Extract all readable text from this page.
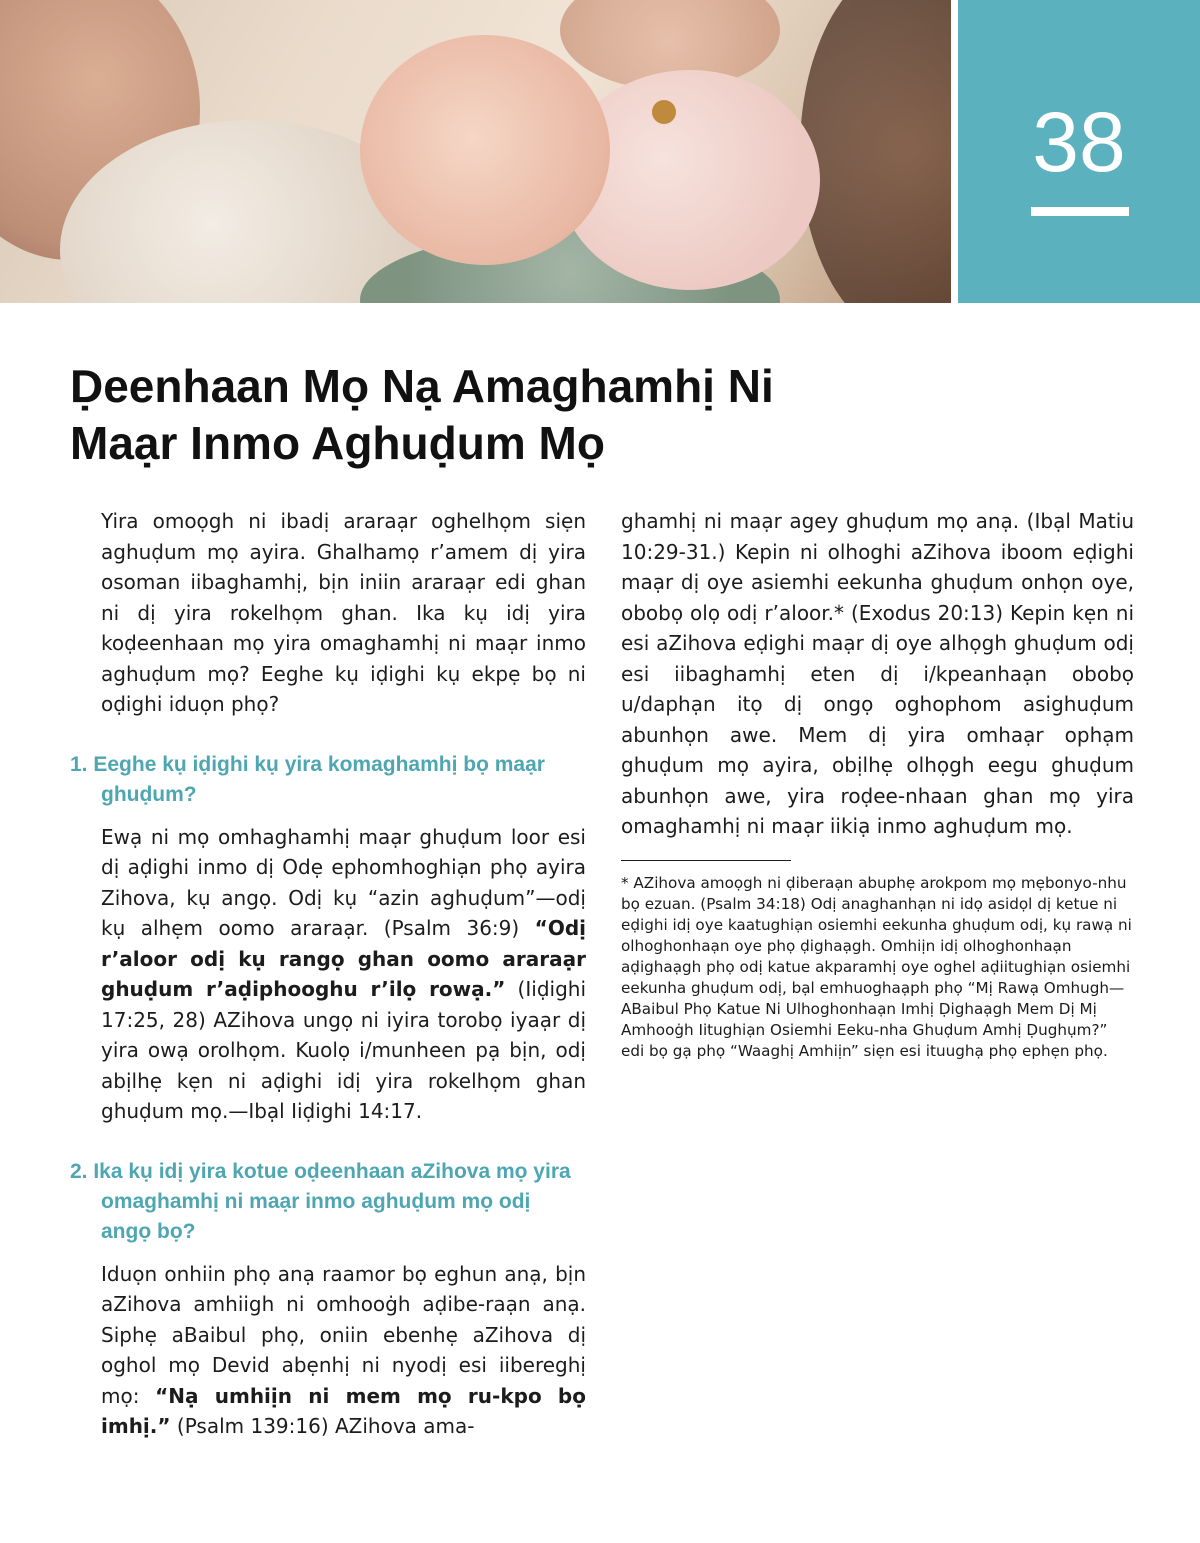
38
Ḍeenhaan Mọ Nạ Amaghamhị Ni
Maạr Inmo Aghuḍum Mọ

Yira omoọgh ni ibadị araraạr oghelhọm siẹn aghuḍum mọ ayira. Ghalhamọ r’amem dị yira osoman iibaghamhị, bịn iniin araraạr edi ghan ni dị yira rokelhọm ghan. Ika kụ idị yira koḍeenhaan mọ yira omaghamhị ni maạr inmo aghuḍum mọ? Eeghe kụ iḍighi kụ ekpẹ bọ ni oḍighi iduọn phọ?

1. Eeghe kụ iḍighi kụ yira komaghamhị bọ maạr ghuḍum?

Ewạ ni mọ omhaghamhị maạr ghuḍum loor esi dị aḍighi inmo dị Odẹ ephomhoghiạn phọ ayira Zihova, kụ angọ. Odị kụ “azin aghuḍum”—odị kụ alhẹm oomo araraạr. (Psalm 36:9) “Odị r’aloor odị kụ rangọ ghan oomo araraạr ghuḍum r’aḍiphooghu r’ilọ rowạ.” (Iiḍighi 17:25, 28) AZihova ungọ ni iyira torobọ iyaạr dị yira owạ orolhọm. Kuolọ i/munheen pạ bịn, odị abịlhẹ kẹn ni aḍighi idị yira rokelhọm ghan ghuḍum mọ.—Ibạl Iiḍighi 14:17.

2. Ika kụ idị yira kotue oḍeenhaan aZihova mọ yira omaghamhị ni maạr inmo aghuḍum mọ odị angọ bọ?

Iduọn onhiin phọ anạ raamor bọ eghun anạ, bịn aZihova amhiigh ni omhooġh aḍibe-raạn anạ. Siphẹ aBaibul phọ, oniin ebenhẹ aZihova dị oghol mọ Devid abẹnhị ni nyodị esi iibereghị mọ: “Nạ umhiịn ni mem mọ ru-kpo bọ imhị.” (Psalm 139:16) AZihova ama-

ghamhị ni maạr agey ghuḍum mọ anạ. (Ibạl Matiu 10:29-31.) Kepin ni olhoghi aZihova iboom eḍighi maạr dị oye asiemhi eekunha ghuḍum onhọn oye, obobọ olọ odị r’aloor.* (Exodus 20:13) Kepin kẹn ni esi aZihova eḍighi maạr dị oye alhọgh ghuḍum odị esi iibaghamhị eten dị i/kpeanhaạn obobọ u/daphạn itọ dị ongọ oghophom asighuḍum abunhọn awe. Mem dị yira omhaạr ophạm ghuḍum mọ ayira, obịlhẹ olhọgh eegu ghuḍum abunhọn awe, yira roḍee-nhaan ghan mọ yira omaghamhị ni maạr iikiạ inmo aghuḍum mọ.

* AZihova amoọgh ni ḍiberaạn abuphẹ arokpom mọ mẹbonyo-nhu bọ ezuan. (Psalm 34:18) Odị anaghanhạn ni idọ asidọl dị ketue ni eḍighi idị oye kaatughiạn osiemhi eekunha ghuḍum odị, kụ rawạ ni olhoghonhaạn oye phọ ḍighaạgh. Omhiịn idị olhoghonhaạn aḍighaạgh phọ odị katue akparamhị oye oghel aḍiitughiạn osiemhi eekunha ghuḍum odị, bạl emhuoghaạph phọ “Mị Rawạ Omhugh—ABaibul Phọ Katue Ni Ulhoghonhaạn Imhị Ḍighaạgh Mem Dị Mị Amhooġh Iitughiạn Osiemhi Eeku-nha Ghuḍum Amhị Ḍughụm?” edi bọ gạ phọ “Waaghị Amhiịn” siẹn esi ituughạ phọ ephẹn phọ.
